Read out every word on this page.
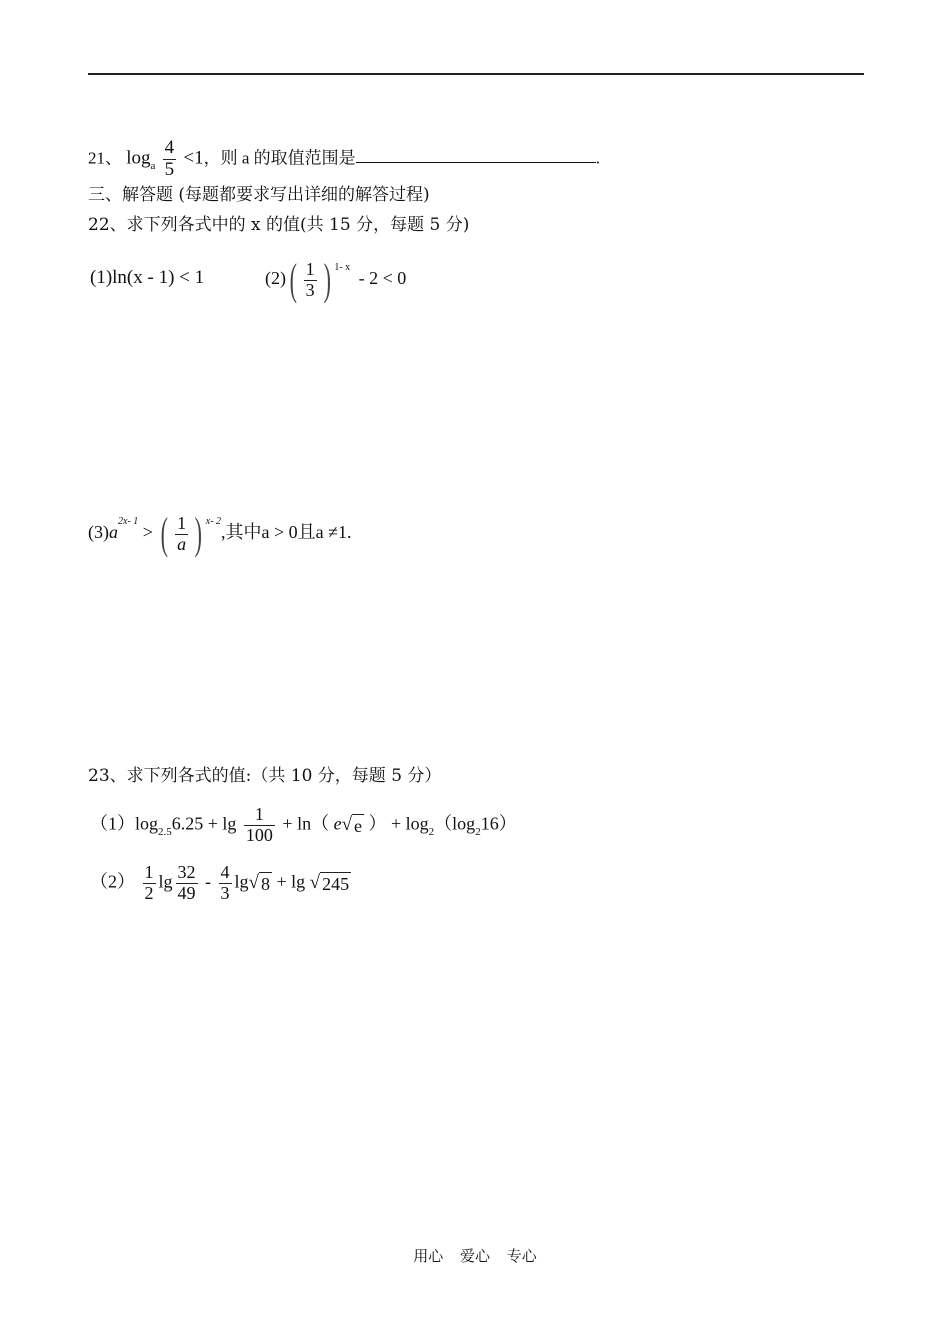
21、 $\log_a \frac{4}{5} <1$，则 a 的取值范围是	.
三、解答题 (每题都要求写出详细的解答过程)
22、求下列各式中的 x 的值(共 15 分，每题 5 分)
(1)ln(x - 1) < 1	$(2)( \frac{1}{3}$ ) $^{1- x}$ - 2 < 0
$(3)a^{2x- 1}$ > ( $\frac{1}{a}$ ) $^{x- 2}$,其中a > 0且a ≠1.
23、求下列各式的值:（共 10 分，每题 5 分）
$(1)\log_{2.5}6.25 + \lg \frac{1}{100} + \ln$（ e √ e ） + $\log_2(\log_216)$
$(2) \frac{1}{2}$ $\lg \frac{32}{49} - \frac{4}{3}$ lg √ 8 + lg √ 245
用心 爱心 专心
